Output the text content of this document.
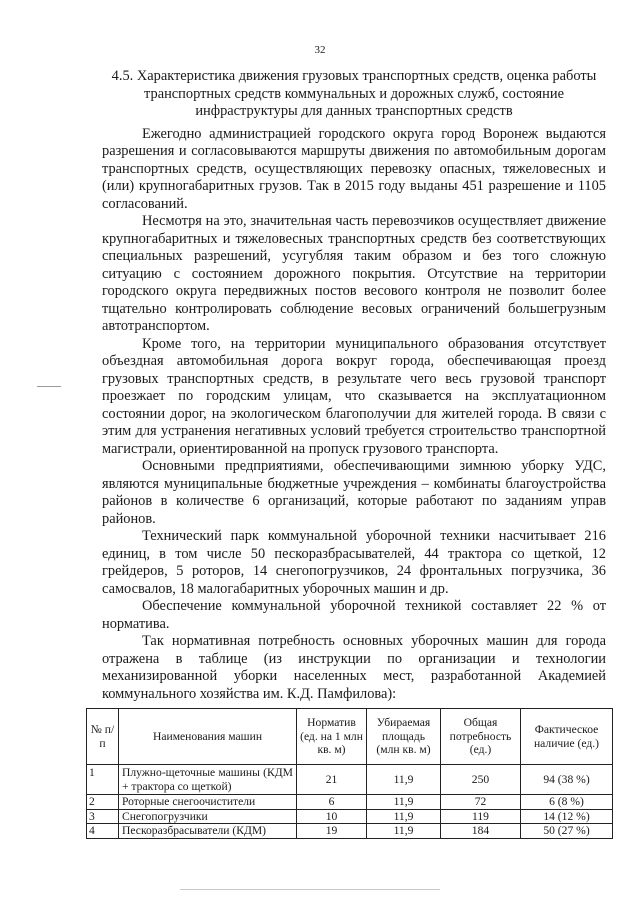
32
4.5. Характеристика движения грузовых транспортных средств, оценка работы
транспортных средств коммунальных и дорожных служб, состояние
инфраструктуры для данных транспортных средств

Ежегодно администрацией городского округа город Воронеж выдаются разрешения и согласовываются маршруты движения по автомобильным дорогам транспортных средств, осуществляющих перевозку опасных, тяжеловесных и (или) крупногабаритных грузов. Так в 2015 году выданы 451 разрешение и 1105 согласований.

Несмотря на это, значительная часть перевозчиков осуществляет движение крупногабаритных и тяжеловесных транспортных средств без соответствующих специальных разрешений, усугубляя таким образом и без того сложную ситуацию с состоянием дорожного покрытия. Отсутствие на территории городского округа передвижных постов весового контроля не позволит более тщательно контролировать соблюдение весовых ограничений большегрузным автотранспортом.

Кроме того, на территории муниципального образования отсутствует объездная автомобильная дорога вокруг города, обеспечивающая проезд грузовых транспортных средств, в результате чего весь грузовой транспорт проезжает по городским улицам, что сказывается на эксплуатационном состоянии дорог, на экологическом благополучии для жителей города. В связи с этим для устранения негативных условий требуется строительство транспортной магистрали, ориентированной на пропуск грузового транспорта.

Основными предприятиями, обеспечивающими зимнюю уборку УДС, являются муниципальные бюджетные учреждения – комбинаты благоустройства районов в количестве 6 организаций, которые работают по заданиям управ районов.

Технический парк коммунальной уборочной техники насчитывает 216 единиц, в том числе 50 пескоразбрасывателей, 44 трактора со щеткой, 12 грейдеров, 5 роторов, 14 снегопогрузчиков, 24 фронтальных погрузчика, 36 самосвалов, 18 малогабаритных уборочных машин и др.

Обеспечение коммунальной уборочной техникой составляет 22 % от норматива.

Так нормативная потребность основных уборочных машин для города отражена в таблице (из инструкции по организации и технологии механизированной уборки населенных мест, разработанной Академией коммунального хозяйства им. К.Д. Памфилова):

№ п/п	Наименования машин	Норматив (ед. на 1 млн кв. м)	Убираемая площадь (млн кв. м)	Общая потребность (ед.)	Фактическое наличие (ед.)
1	Плужно-щеточные машины (КДМ + трактора со щеткой)	21	11,9	250	94 (38 %)
2	Роторные снегоочистители	6	11,9	72	6 (8 %)
3	Снегопогрузчики	10	11,9	119	14 (12 %)
4	Пескоразбрасыватели (КДМ)	19	11,9	184	50 (27 %)
